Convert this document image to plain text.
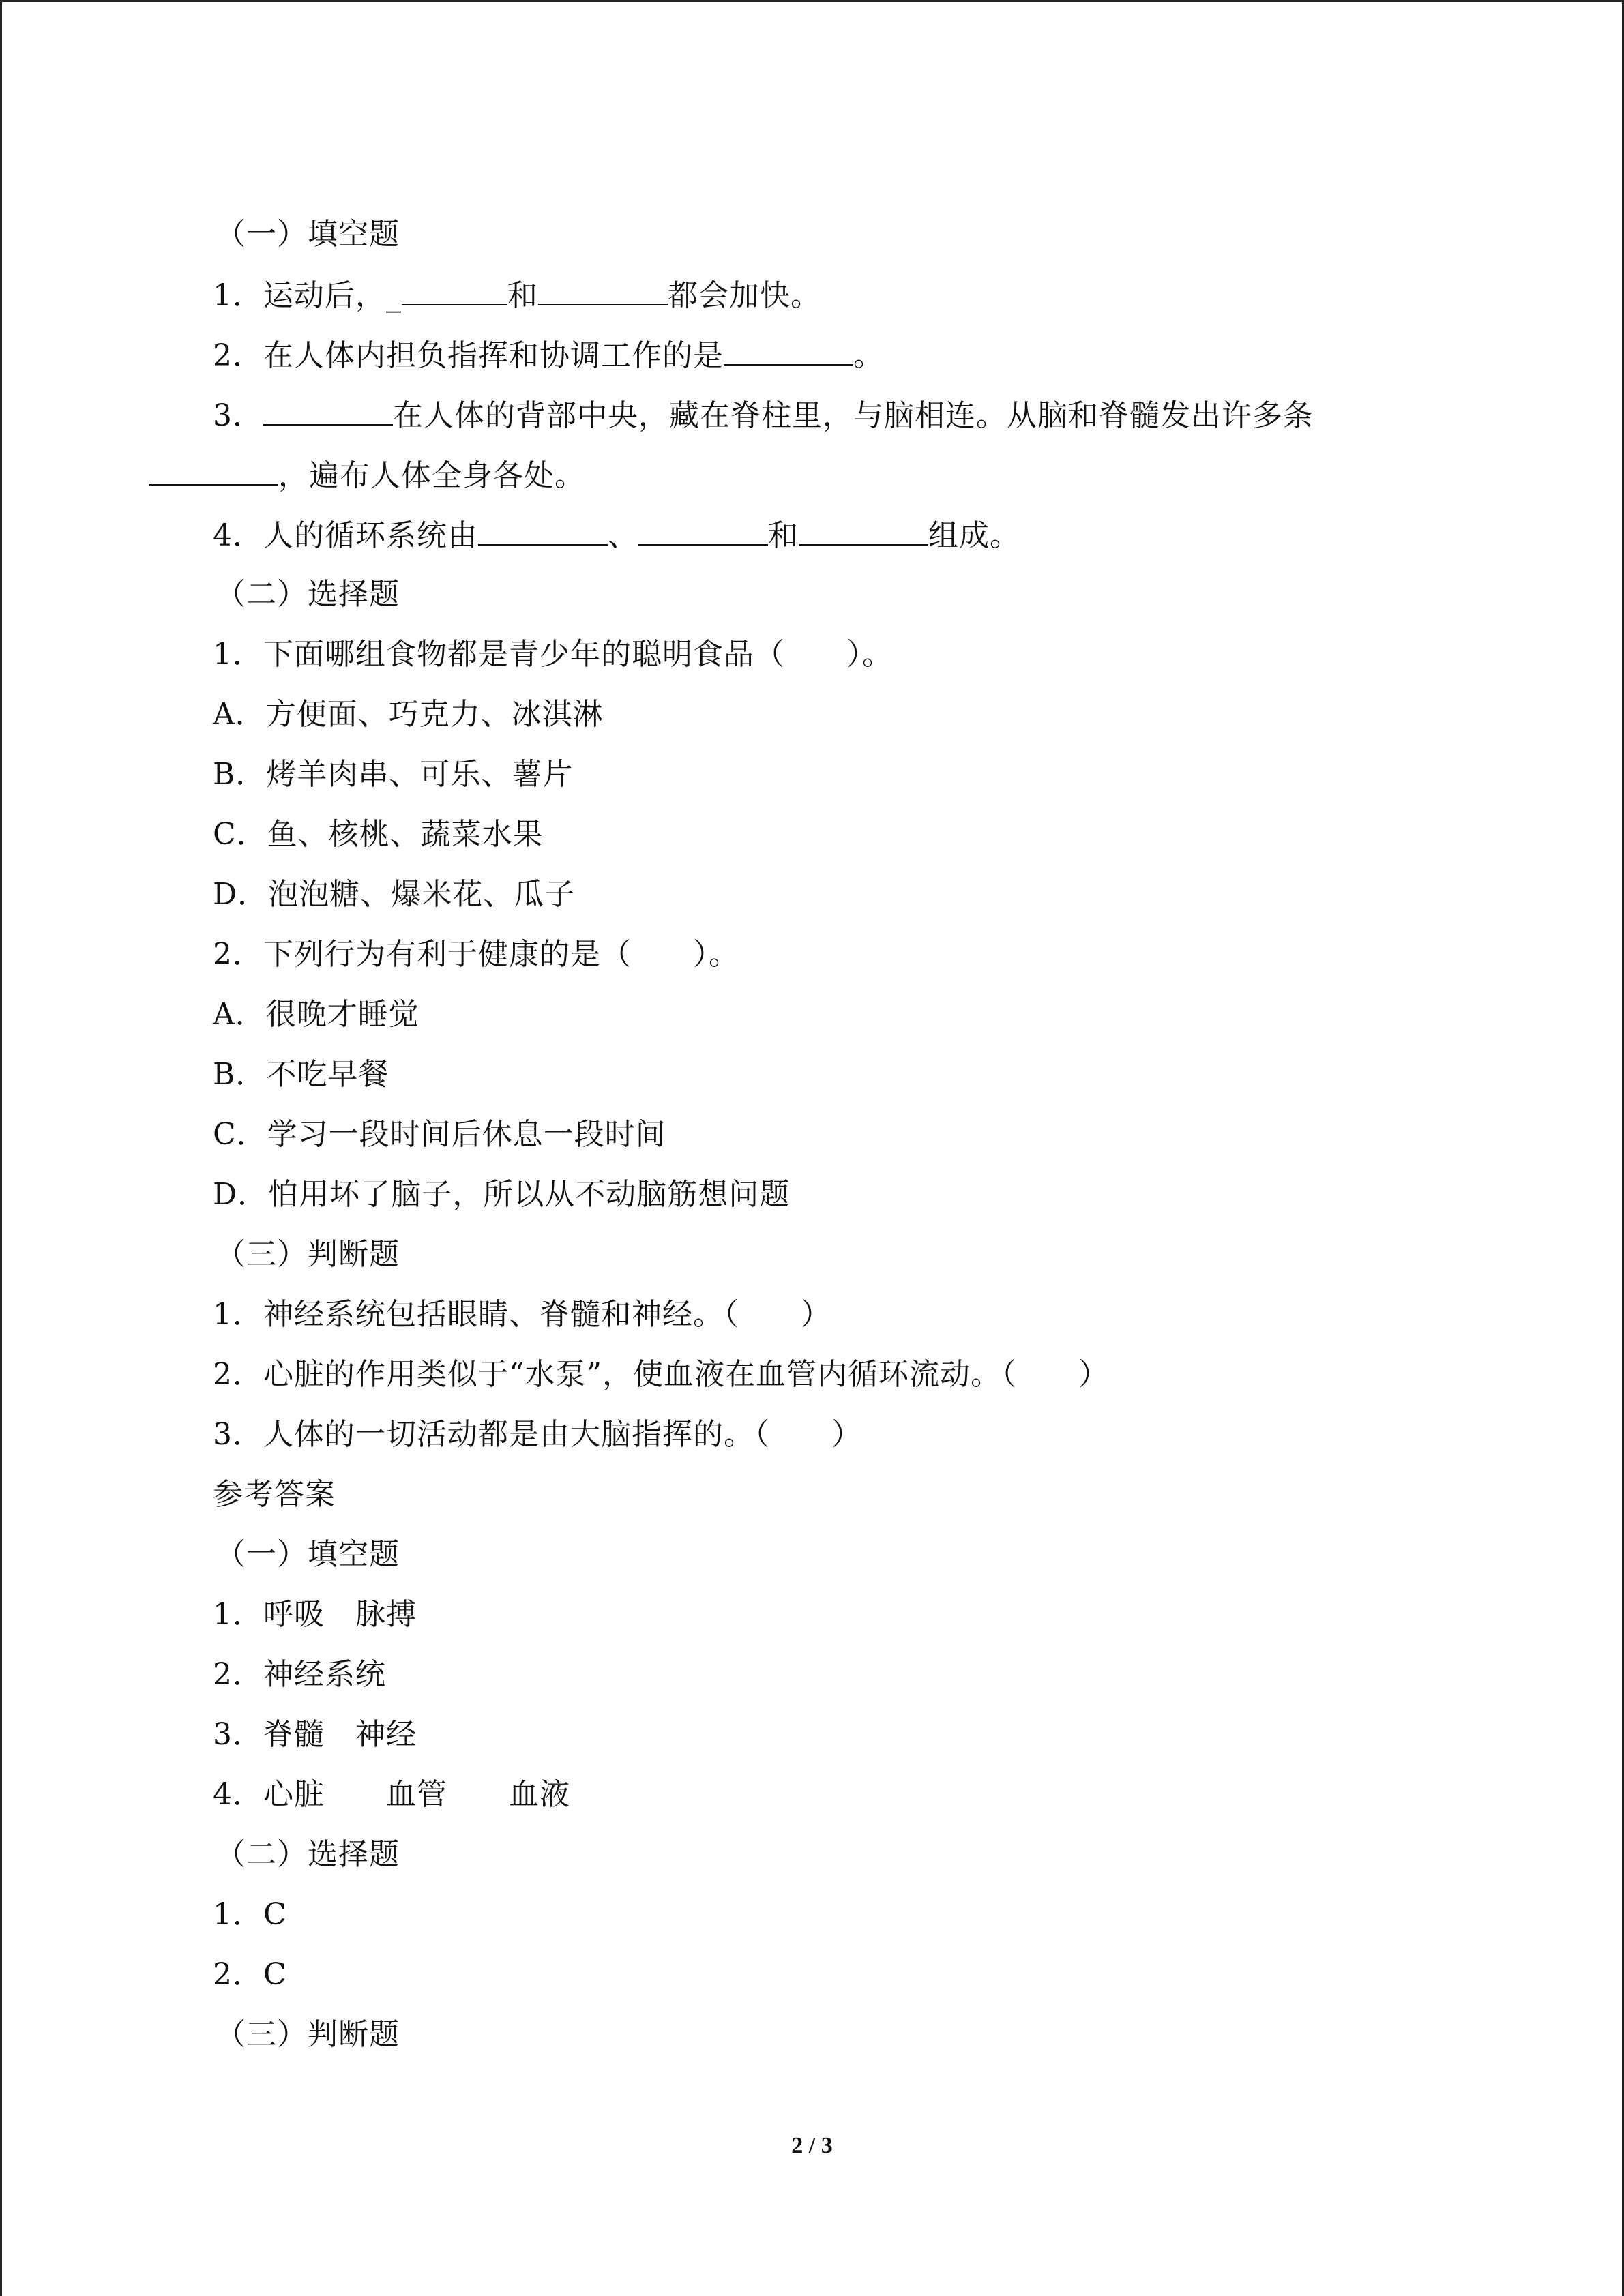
（一）填空题
1．运动后，_	和	都会加快。
2．在人体内担负指挥和协调工作的是	。
3．	在人体的背部中央，藏在脊柱里，与脑相连。从脑和脊髓发出许多条
，遍布人体全身各处。
4．人的循环系统由	、	和	组成。
（二）选择题
1．下面哪组食物都是青少年的聪明食品（　　）。
A．方便面、巧克力、冰淇淋
B．烤羊肉串、可乐、薯片
C．鱼、核桃、蔬菜水果
D．泡泡糖、爆米花、瓜子
2．下列行为有利于健康的是（　　）。
A．很晚才睡觉
B．不吃早餐
C．学习一段时间后休息一段时间
D．怕用坏了脑子，所以从不动脑筋想问题
（三）判断题
1．神经系统包括眼睛、脊髓和神经。（　　）
2．心脏的作用类似于“水泵”，使血液在血管内循环流动。（　　）
3．人体的一切活动都是由大脑指挥的。（　　）
参考答案
（一）填空题
1．呼吸　脉搏
2．神经系统
3．脊髓　神经
4．心脏　　血管　　血液
（二）选择题
1．C
2．C
（三）判断题
2 / 3
